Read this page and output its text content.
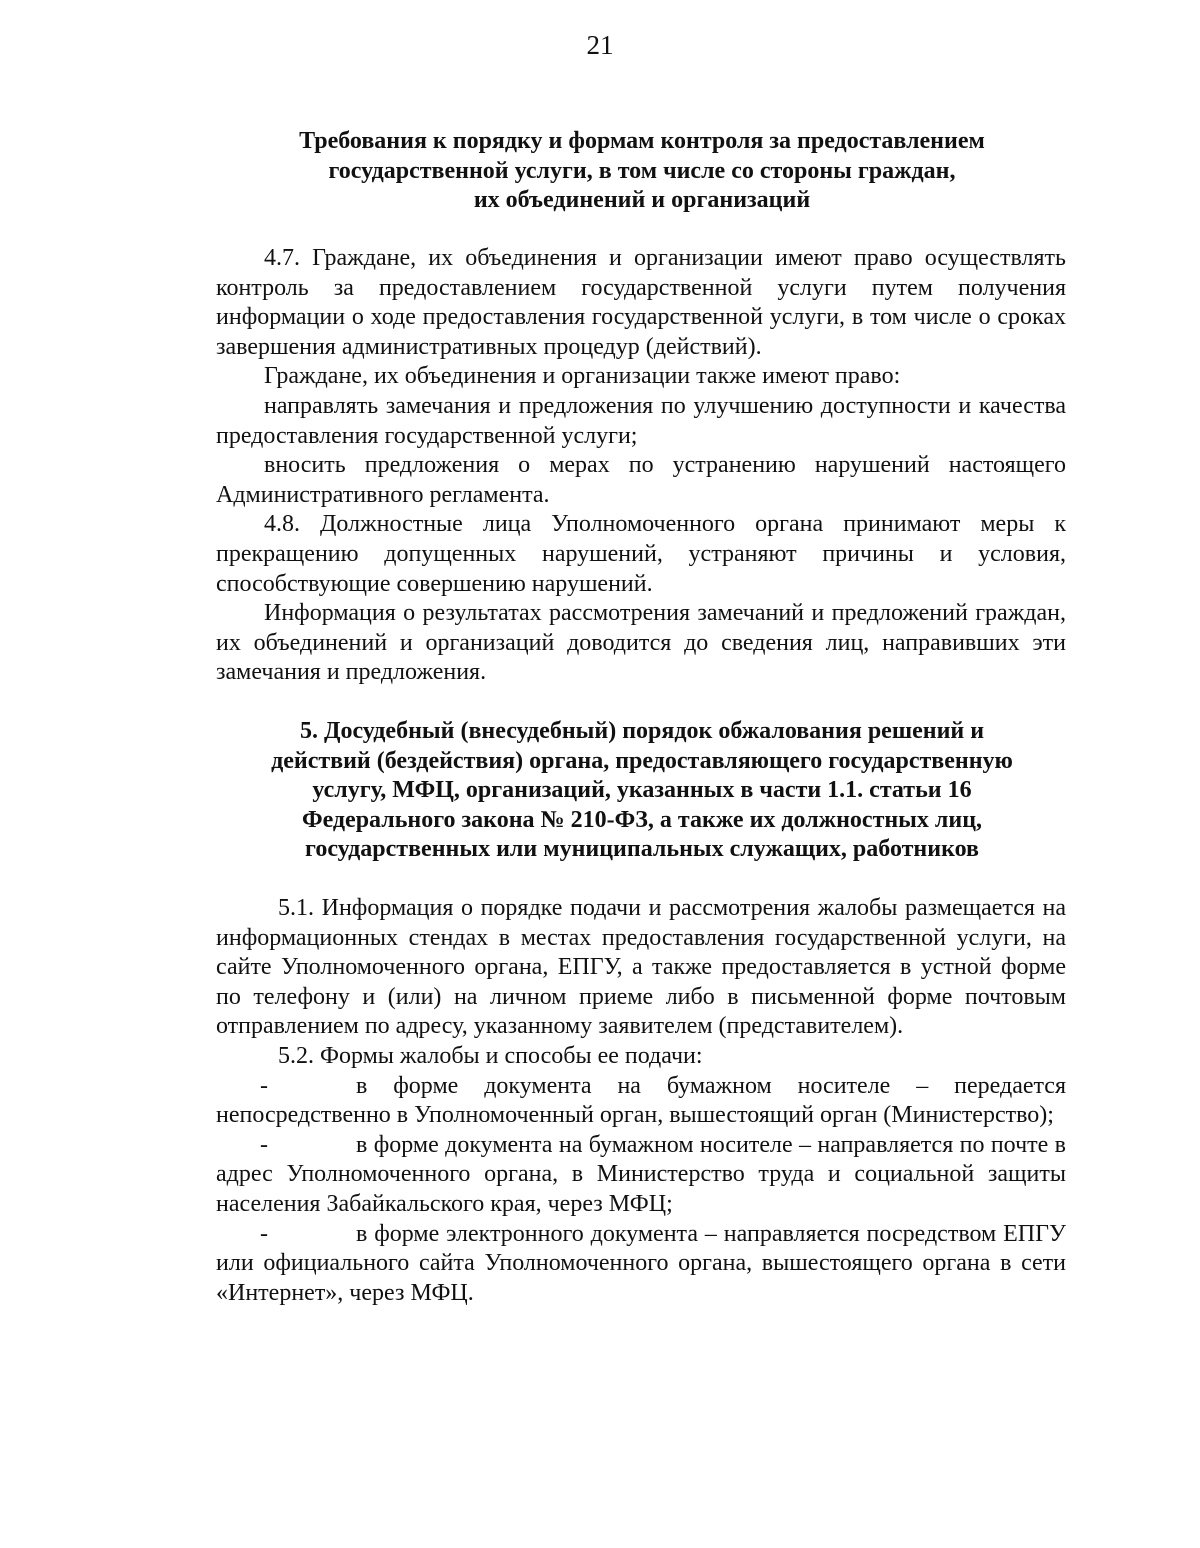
21
Требования к порядку и формам контроля за предоставлением
государственной услуги, в том числе со стороны граждан,
их объединений и организаций

4.7. Граждане, их объединения и организации имеют право осуществлять контроль за предоставлением государственной услуги путем получения информации о ходе предоставления государственной услуги, в том числе о сроках завершения административных процедур (действий).

Граждане, их объединения и организации также имеют право:

направлять замечания и предложения по улучшению доступности и качества предоставления государственной услуги;

вносить предложения о мерах по устранению нарушений настоящего Административного регламента.

4.8. Должностные лица Уполномоченного органа принимают меры к прекращению допущенных нарушений, устраняют причины и условия, способствующие совершению нарушений.

Информация о результатах рассмотрения замечаний и предложений граждан, их объединений и организаций доводится до сведения лиц, направивших эти замечания и предложения.

5. Досудебный (внесудебный) порядок обжалования решений и
действий (бездействия) органа, предоставляющего государственную
услугу, МФЦ, организаций, указанных в части 1.1. статьи 16
Федерального закона № 210-ФЗ, а также их должностных лиц,
государственных или муниципальных служащих, работников

5.1. Информация о порядке подачи и рассмотрения жалобы размещается на информационных стендах в местах предоставления государственной услуги, на сайте Уполномоченного органа, ЕПГУ, а также предоставляется в устной форме по телефону и (или) на личном приеме либо в письменной форме почтовым отправлением по адресу, указанному заявителем (представителем).

5.2. Формы жалобы и способы ее подачи:

-	в форме документа на бумажном носителе – передается непосредственно в Уполномоченный орган, вышестоящий орган (Министерство);

-	в форме документа на бумажном носителе – направляется по почте в адрес Уполномоченного органа, в Министерство труда и социальной защиты населения Забайкальского края, через МФЦ;

-	в форме электронного документа – направляется посредством ЕПГУ или официального сайта Уполномоченного органа, вышестоящего органа в сети «Интернет», через МФЦ.
